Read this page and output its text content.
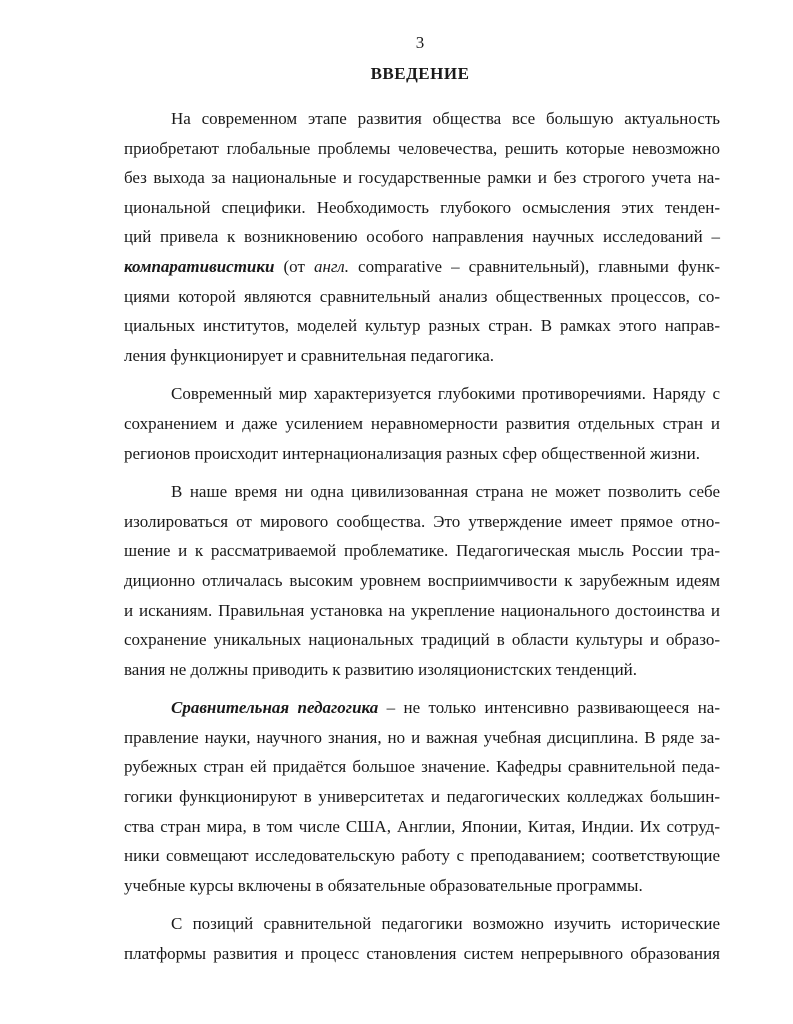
3
ВВЕДЕНИЕ
На современном этапе развития общества все большую актуальность
приобретают глобальные проблемы человечества, решить которые невозможно
без выхода за национальные и государственные рамки и без строгого учета на-
циональной специфики. Необходимость глубокого осмысления этих тенден-
ций привела к возникновению особого направления научных исследований –
компаративистики (от англ. comparative – сравнительный), главными функ-
циями которой являются сравнительный анализ общественных процессов, со-
циальных институтов, моделей культур разных стран. В рамках этого направ-
ления функционирует и сравнительная педагогика.
Современный мир характеризуется глубокими противоречиями. Наряду с
сохранением и даже усилением неравномерности развития отдельных стран и
регионов происходит интернационализация разных сфер общественной жизни.
В наше время ни одна цивилизованная страна не может позволить себе
изолироваться от мирового сообщества. Это утверждение имеет прямое отно-
шение и к рассматриваемой проблематике. Педагогическая мысль России тра-
диционно отличалась высоким уровнем восприимчивости к зарубежным идеям
и исканиям. Правильная установка на укрепление национального достоинства и
сохранение уникальных национальных традиций в области культуры и образо-
вания не должны приводить к развитию изоляционистских тенденций.
Сравнительная педагогика – не только интенсивно развивающееся на-
правление науки, научного знания, но и важная учебная дисциплина. В ряде за-
рубежных стран ей придаётся большое значение. Кафедры сравнительной педа-
гогики функционируют в университетах и педагогических колледжах большин-
ства стран мира, в том числе США, Англии, Японии, Китая, Индии. Их сотруд-
ники совмещают исследовательскую работу с преподаванием; соответствующие
учебные курсы включены в обязательные образовательные программы.
С позиций сравнительной педагогики возможно изучить исторические
платформы развития и процесс становления систем непрерывного образования
